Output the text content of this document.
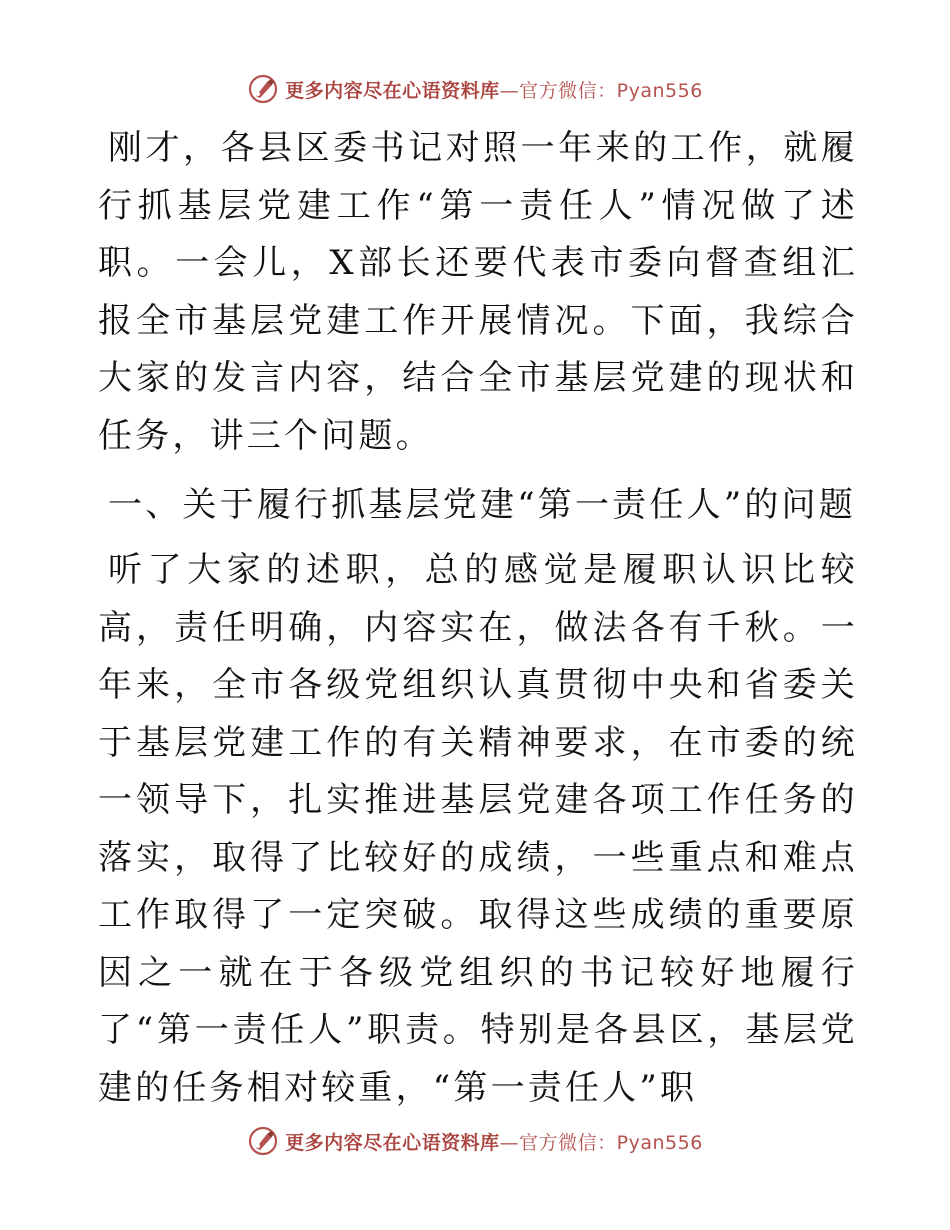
更多内容尽在心语资料库—官方微信：Pyan556

刚才，各县区委书记对照一年来的工作，就履行抓基层党建工作“第一责任人”情况做了述职。一会儿，X部长还要代表市委向督查组汇报全市基层党建工作开展情况。下面，我综合大家的发言内容，结合全市基层党建的现状和任务，讲三个问题。

一、关于履行抓基层党建“第一责任人”的问题

听了大家的述职，总的感觉是履职认识比较高，责任明确，内容实在，做法各有千秋。一年来，全市各级党组织认真贯彻中央和省委关于基层党建工作的有关精神要求，在市委的统一领导下，扎实推进基层党建各项工作任务的落实，取得了比较好的成绩，一些重点和难点工作取得了一定突破。取得这些成绩的重要原因之一就在于各级党组织的书记较好地履行了“第一责任人”职责。特别是各县区，基层党建的任务相对较重，“第一责任人”职

更多内容尽在心语资料库—官方微信：Pyan556
